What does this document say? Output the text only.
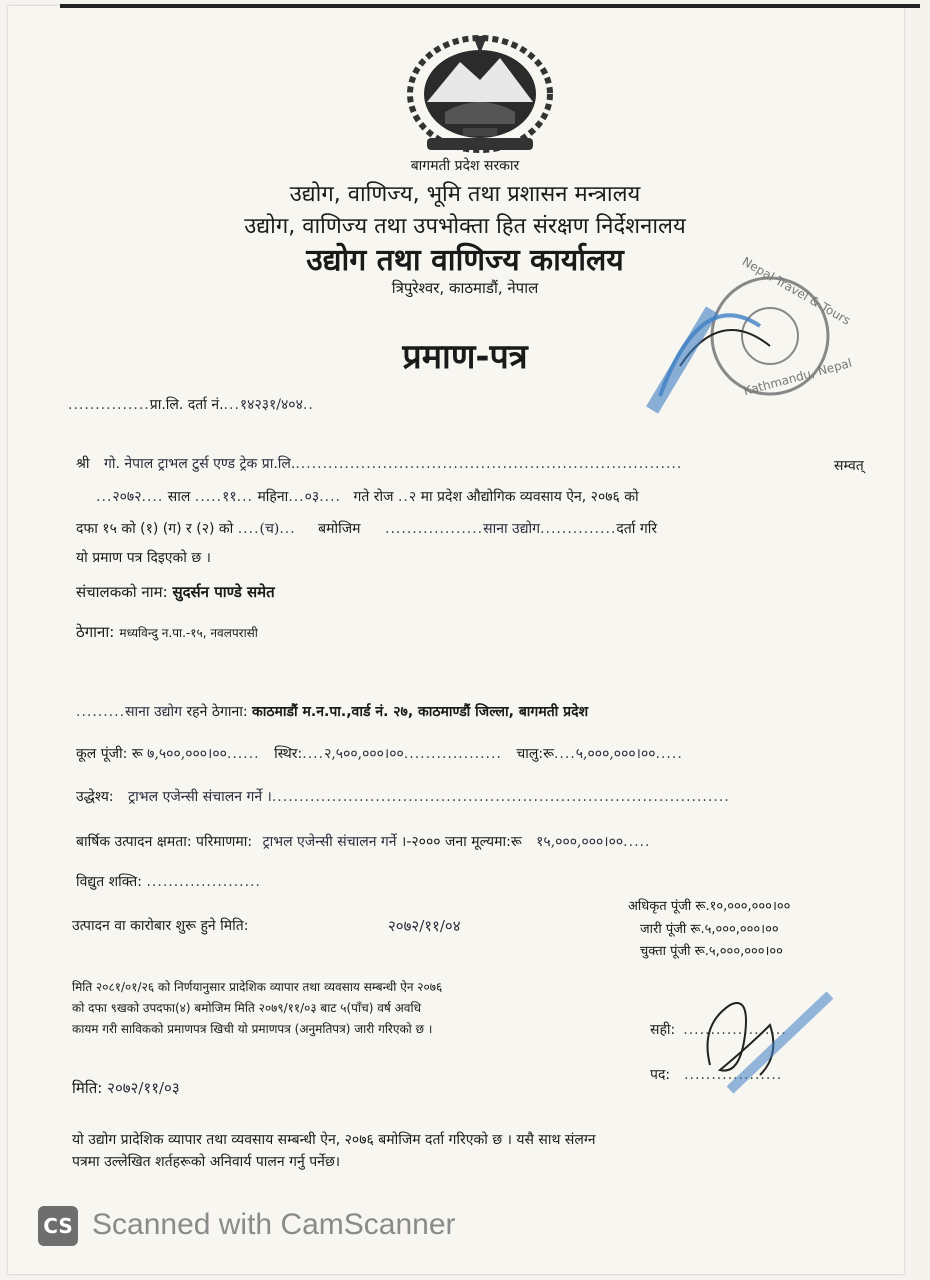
बागमती प्रदेश सरकार
उद्योग, वाणिज्य, भूमि तथा प्रशासन मन्त्रालय
उद्योग, वाणिज्य तथा उपभोक्ता हित संरक्षण निर्देशनालय
उद्योग तथा वाणिज्य कार्यालय
त्रिपुरेश्वर, काठमाडौं, नेपाल	Nepal Travel & Tours
Kathmandu, Nepal
प्रमाण-पत्र
...............प्रा.लि. दर्ता नं....१४२३१/४०४..
श्री गो. नेपाल ट्राभल टुर्स एण्ड ट्रेक प्रा.लि........................................................................	सम्वत्
...२०७२.... साल .....११... महिना...०३.... गते रोज ..२ मा प्रदेश औद्योगिक व्यवसाय ऐन, २०७६ को
दफा १५ को (१) (ग) र (२) को ....(च)... बमोजिम ..................साना उद्योग..............दर्ता गरि
यो प्रमाण पत्र दिइएको छ ।
संचालकको नाम: सुदर्सन पाण्डे समेत
ठेगाना: मध्यविन्दु न.पा.-१५, नवलपरासी
.........साना उद्योग रहने ठेगाना: काठमाडौं म.न.पा.,वार्ड नं. २७, काठमाण्डौं जिल्ला, बागमती प्रदेश
कूल पूंजी: रू ७,५००,०००।००...... स्थिर:....२,५००,०००।००.................. चालु:रू....५,०००,०००।००.....
उद्धेश्य: ट्राभल एजेन्सी संचालन गर्ने ।....................................................................................
बार्षिक उत्पादन क्षमता: परिमाणमा: ट्राभल एजेन्सी संचालन गर्ने ।-२००० जना मूल्यमा:रू १५,०००,०००।००.....
विद्युत शक्ति: .....................
उत्पादन वा कारोबार शुरू हुने मिति:	२०७२/११/०४
अधिकृत पूंजी रू.१०,०००,०००।००
जारी पूंजी रू.५,०००,०००।००
चुक्ता पूंजी रू.५,०००,०००।००
मिति २०८१/०१/२६ को निर्णयानुसार प्रादेशिक व्यापार तथा व्यवसाय सम्बन्धी ऐन २०७६
को दफा ९खको उपदफा(४) बमोजिम मिति २०७९/११/०३ बाट ५(पाँच) वर्ष अवधि
कायम गरी साविकको प्रमाणपत्र खिची यो प्रमाणपत्र (अनुमतिपत्र) जारी गरिएको छ ।	सही: ...................
पद: ..................
मिति: २०७२/११/०३
यो उद्योग प्रादेशिक व्यापार तथा व्यवसाय सम्बन्धी ऐन, २०७६ बमोजिम दर्ता गरिएको छ । यसै साथ संलग्न
पत्रमा उल्लेखित शर्तहरूको अनिवार्य पालन गर्नु पर्नेछ।
CS Scanned with CamScanner
